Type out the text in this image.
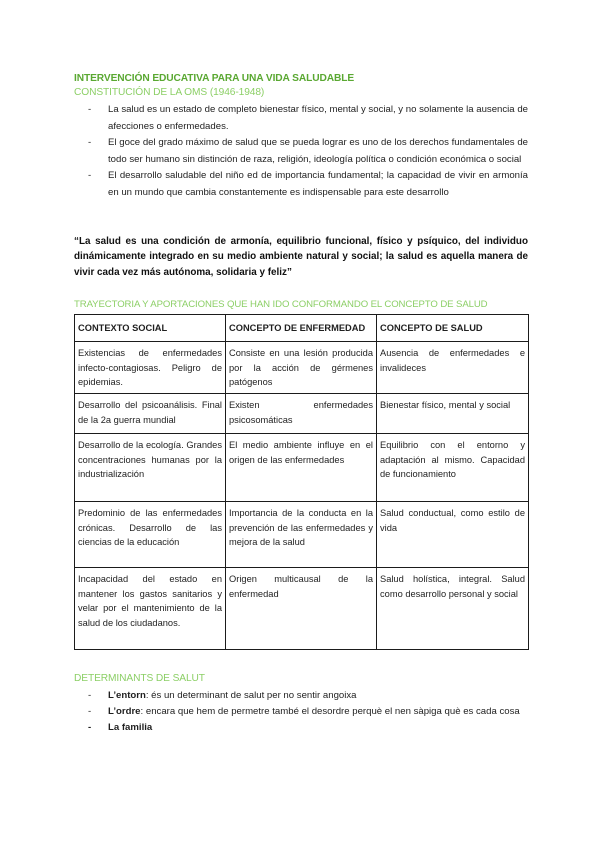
INTERVENCIÓN EDUCATIVA PARA UNA VIDA SALUDABLE
CONSTITUCIÓN DE LA OMS (1946-1948)
- La salud es un estado de completo bienestar físico, mental y social, y no solamente la ausencia de afecciones o enfermedades.
- El goce del grado máximo de salud que se pueda lograr es uno de los derechos fundamentales de todo ser humano sin distinción de raza, religión, ideología política o condición económica o social
- El desarrollo saludable del niño ed de importancia fundamental; la capacidad de vivir en armonía en un mundo que cambia constantemente es indispensable para este desarrollo
“La salud es una condición de armonía, equilibrio funcional, físico y psíquico, del individuo dinámicamente integrado en su medio ambiente natural y social; la salud es aquella manera de vivir cada vez más autónoma, solidaria y feliz”
TRAYECTORIA Y APORTACIONES QUE HAN IDO CONFORMANDO EL CONCEPTO DE SALUD
CONTEXTO SOCIAL	CONCEPTO DE ENFERMEDAD	CONCEPTO DE SALUD
Existencias de enfermedades infecto-contagiosas. Peligro de epidemias.	Consiste en una lesión producida por la acción de gérmenes patógenos	Ausencia de enfermedades e invalideces
Desarrollo del psicoanálisis. Final de la 2a guerra mundial	Existen enfermedades psicosomáticas	Bienestar físico, mental y social
Desarrollo de la ecología. Grandes concentraciones humanas por la industrialización	El medio ambiente influye en el origen de las enfermedades	Equilibrio con el entorno y adaptación al mismo. Capacidad de funcionamiento
Predominio de las enfermedades crónicas. Desarrollo de las ciencias de la educación	Importancia de la conducta en la prevención de las enfermedades y mejora de la salud	Salud conductual, como estilo de vida
Incapacidad del estado en mantener los gastos sanitarios y velar por el mantenimiento de la salud de los ciudadanos.	Origen multicausal de la enfermedad	Salud holística, integral. Salud como desarrollo personal y social
DETERMINANTS DE SALUT
- L’entorn: és un determinant de salut per no sentir angoixa
- L’ordre: encara que hem de permetre també el desordre perquè el nen sàpiga què es cada cosa
- La familia
